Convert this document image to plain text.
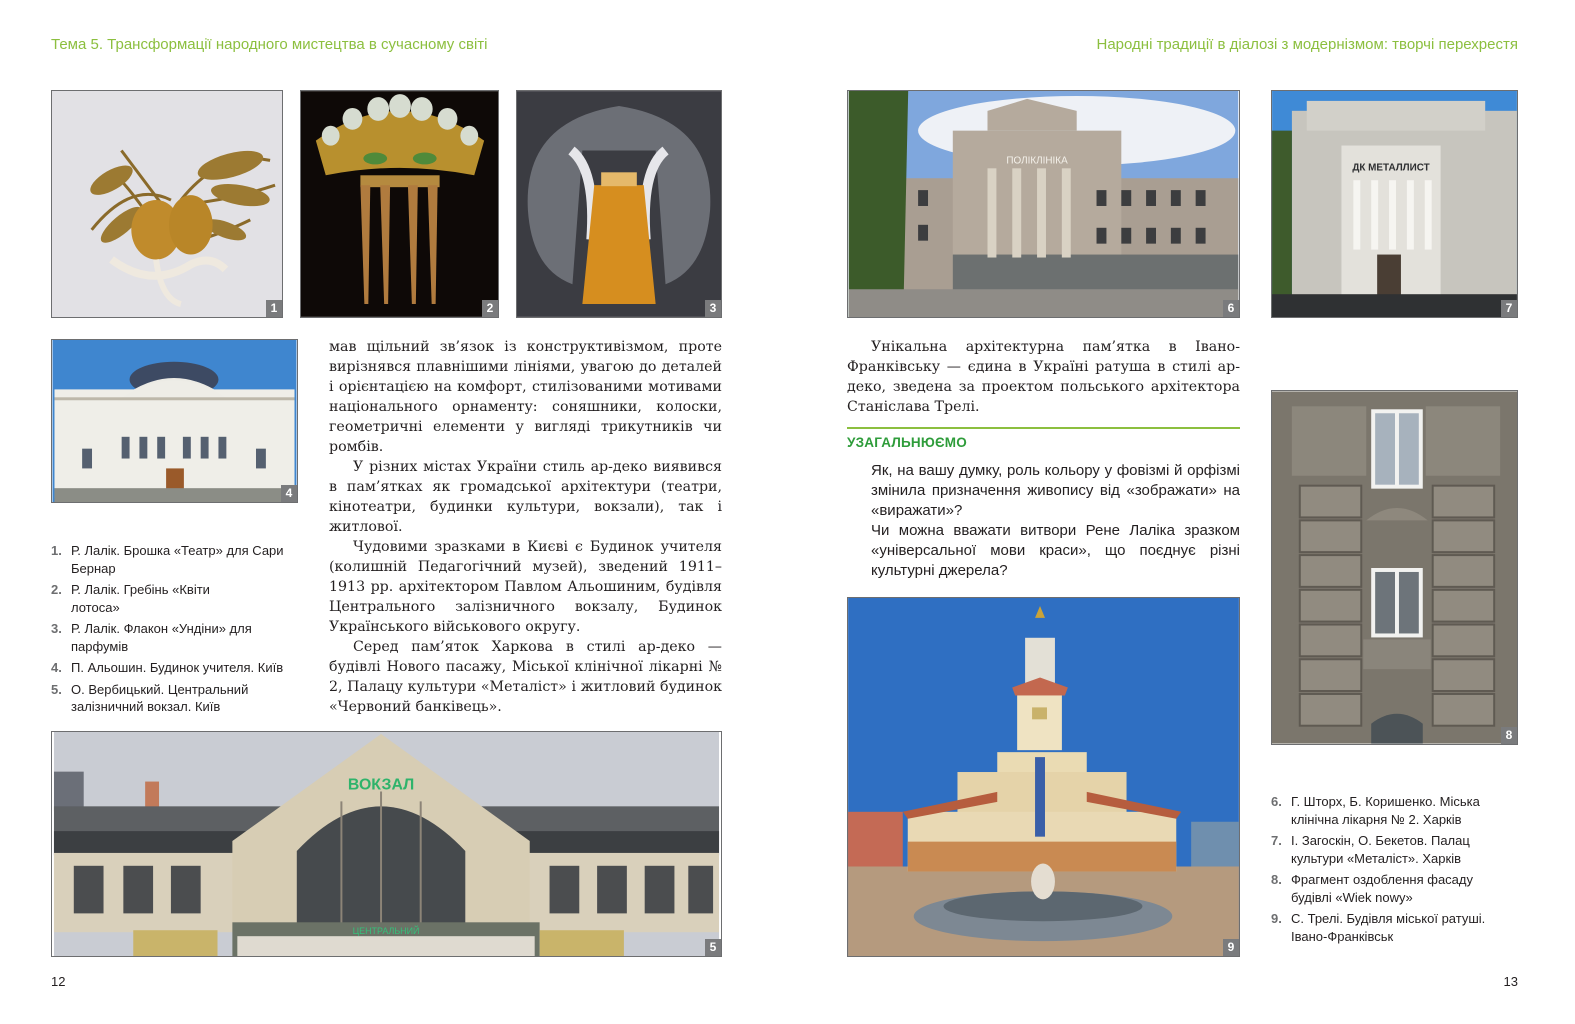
Тема 5. Трансформації народного мистецтва в сучасному світі	Народні традиції в діалозі з модернізмом: творчі перехрестя
1	2	3
4
1. Р. Лалік. Брошка «Театр» для Сари Бернар
2. Р. Лалік. Гребінь «Квіти лотоса»
3. Р. Лалік. Флакон «Ундіни» для парфумів
4. П. Альошин. Будинок учителя. Київ
5. О. Вербицький. Центральний залізничний вокзал. Київ

мав щільний зв’язок із конструктивізмом, проте вирізнявся плавнішими лініями, увагою до деталей і орієнтацією на комфорт, стилізованими мотивами національного орнаменту: соняшники, колоски, геометричні елементи у вигляді трикутників чи ромбів.

У різних містах України стиль ар-деко виявився в пам’ятках як громадської архітектури (театри, кінотеатри, будинки культури, вокзали), так і житлової.

Чудовими зразками в Києві є Будинок учителя (колишній Педагогічний музей), зведений 1911–1913 рр. архітектором Павлом Альошиним, будівля Центрального залізничного вокзалу, Будинок Українського військового округу.

Серед пам’яток Харкова в стилі ар-деко — будівлі Нового пасажу, Міської клінічної лікарні № 2, Палацу культури «Металіст» і житловий будинок «Червоний банківець».

ВОКЗАЛ
ЦЕНТРАЛЬНИЙ
5
12
ПОЛІКЛІНІКА
6
ДК МЕТАЛЛИСТ
7

Унікальна архітектурна пам’ятка в Івано-Франківську — єдина в Україні ратуша в стилі ар-деко, зведена за проектом польського архітектора Станіслава Трелі.

УЗАГАЛЬНЮЄМО

Як, на вашу думку, роль кольору у фовізмі й орфізмі змінила призначення живопису від «зображати» на «виражати»?

Чи можна вважати витвори Рене Лаліка зразком «універсальної мови краси», що поєднує різні культурні джерела?

8
9
6. Г. Шторх, Б. Коришенко. Міська клінічна лікарня № 2. Харків
7. І. Загоскін, О. Бекетов. Палац культури «Металіст». Харків
8. Фрагмент оздоблення фасаду будівлі «Wiek nowy»
9. С. Трелі. Будівля міської ратуші. Івано-Франківськ
13
